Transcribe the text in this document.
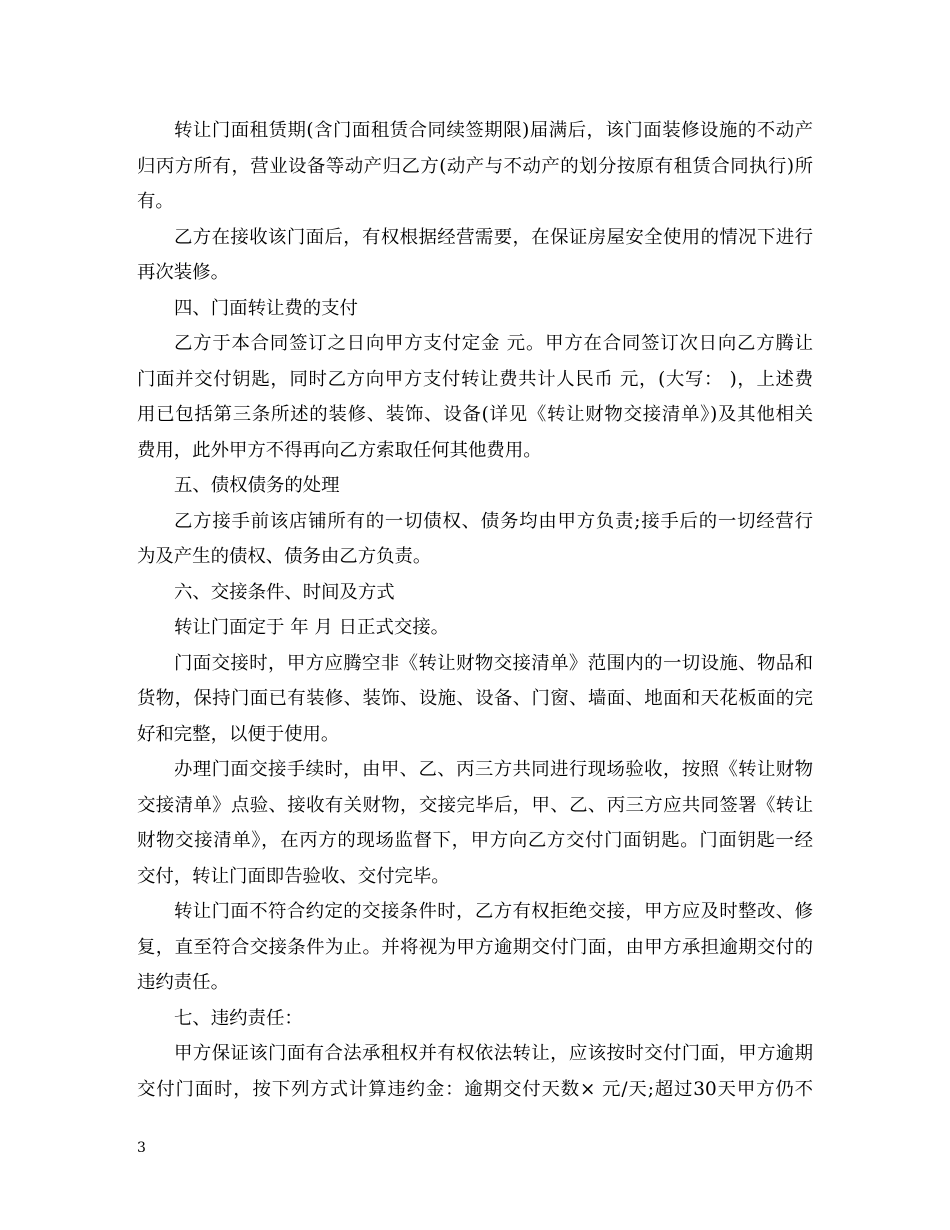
转让门面租赁期(含门面租赁合同续签期限)届满后，该门面装修设施的不动产
归丙方所有，营业设备等动产归乙方(动产与不动产的划分按原有租赁合同执行)所
有。
乙方在接收该门面后，有权根据经营需要，在保证房屋安全使用的情况下进行
再次装修。
四、门面转让费的支付
乙方于本合同签订之日向甲方支付定金 元。甲方在合同签订次日向乙方腾让
门面并交付钥匙，同时乙方向甲方支付转让费共计人民币 元，(大写： )，上述费
用已包括第三条所述的装修、装饰、设备(详见《转让财物交接清单》)及其他相关
费用，此外甲方不得再向乙方索取任何其他费用。
五、债权债务的处理
乙方接手前该店铺所有的一切债权、债务均由甲方负责;接手后的一切经营行
为及产生的债权、债务由乙方负责。
六、交接条件、时间及方式
转让门面定于 年 月 日正式交接。
门面交接时，甲方应腾空非《转让财物交接清单》范围内的一切设施、物品和
货物，保持门面已有装修、装饰、设施、设备、门窗、墙面、地面和天花板面的完
好和完整，以便于使用。
办理门面交接手续时，由甲、乙、丙三方共同进行现场验收，按照《转让财物
交接清单》点验、接收有关财物，交接完毕后，甲、乙、丙三方应共同签署《转让
财物交接清单》，在丙方的现场监督下，甲方向乙方交付门面钥匙。门面钥匙一经
交付，转让门面即告验收、交付完毕。
转让门面不符合约定的交接条件时，乙方有权拒绝交接，甲方应及时整改、修
复，直至符合交接条件为止。并将视为甲方逾期交付门面，由甲方承担逾期交付的
违约责任。
七、违约责任：
甲方保证该门面有合法承租权并有权依法转让，应该按时交付门面，甲方逾期
交付门面时，按下列方式计算违约金：逾期交付天数× 元/天;超过30天甲方仍不
3
